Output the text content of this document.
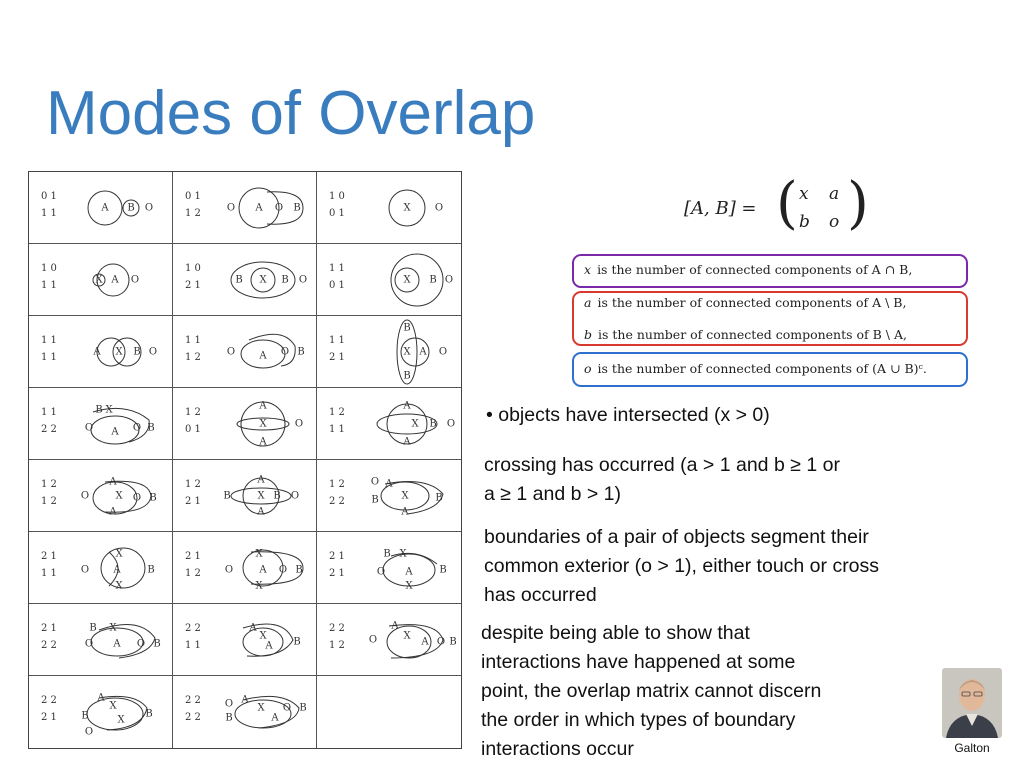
Modes of Overlap
0 1
1 1	A B O
0 1
1 2	O A O B
1 0
0 1	X O
1 0
1 1	X A O
1 0
2 1	B X B O
1 1
0 1	X B O
1 1
1 1	A X B O
1 1
1 2	O A O B
1 1
2 1
B
X A O
B
1 1
2 2
B X
O A O B
1 2
0 1
A
X
A
O
1 2
1 1
A
X B O
A
1 2
1 2 O
A
X O B
A
1 2
2 1 B
A
X B O
A
1 2
2 2
O A
B X	B
A
2 1
1 1 O
X
A
X
B
2 1
1 2 O
X
A O B
X
2 1
2 1
B X
O A	B
X
2 1
2 2
B X
O A O B
2 2
1 1
A
X
A B
2 2
1 2 O
A
X
A O B
2 2
2 1
A
X
B	X
B
O
2 2
2 2
O A
X
B	A
O B

[A, B] = ( x a
b o )
x is the number of connected components of A ∩ B,
a is the number of connected components of A \ B,
b is the number of connected components of B \ A,
o is the number of connected components of (A ∪ B)ᶜ.
• objects have intersected (x > 0)
crossing has occurred (a > 1 and b ≥ 1 or
a ≥ 1 and b > 1)
boundaries of a pair of objects segment their
common exterior (o > 1), either touch or cross
has occurred
despite being able to show that
interactions have happened at some
point, the overlap matrix cannot discern
the order in which types of boundary
interactions occur	Galton
